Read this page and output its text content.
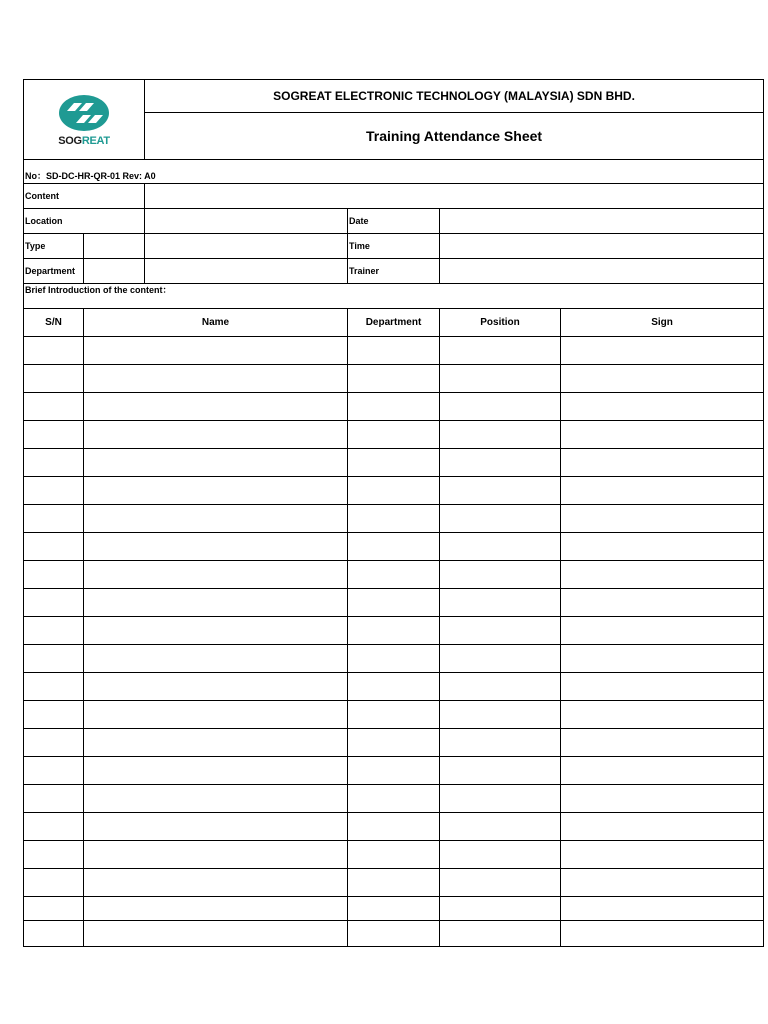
SOGREAT		SOGREAT ELECTRONIC TECHNOLOGY (MALAYSIA) SDN BHD.			
		Training Attendance Sheet			
No：SD-DC-HR-QR-01 Rev: A0					
Content					
Location			Date		
Type			Time		
Department			Trainer		
Brief Introduction of the content：					
S/N	Name		Department	Position	Sign
